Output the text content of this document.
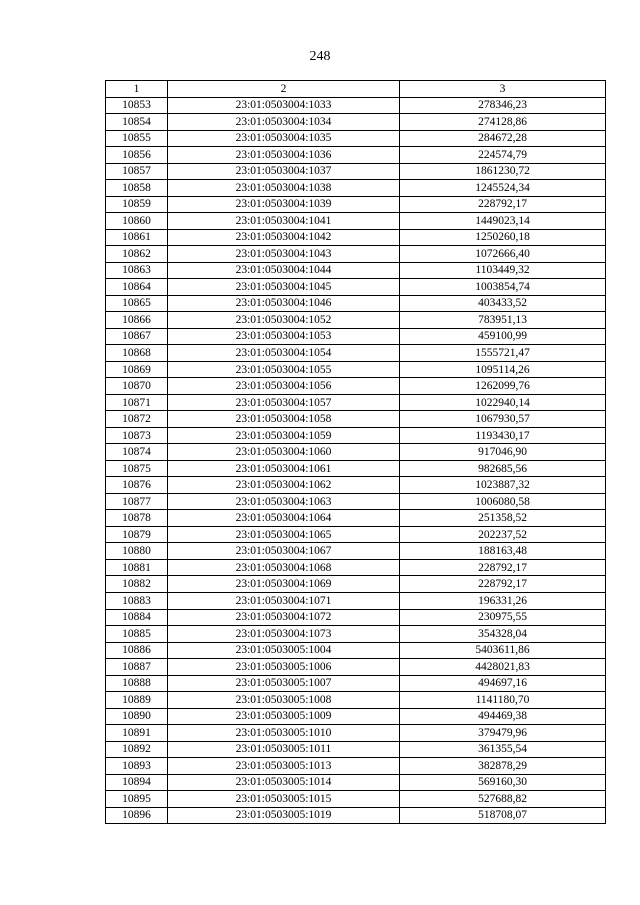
248
1	2	3
10853	23:01:0503004:1033	278346,23
10854	23:01:0503004:1034	274128,86
10855	23:01:0503004:1035	284672,28
10856	23:01:0503004:1036	224574,79
10857	23:01:0503004:1037	1861230,72
10858	23:01:0503004:1038	1245524,34
10859	23:01:0503004:1039	228792,17
10860	23:01:0503004:1041	1449023,14
10861	23:01:0503004:1042	1250260,18
10862	23:01:0503004:1043	1072666,40
10863	23:01:0503004:1044	1103449,32
10864	23:01:0503004:1045	1003854,74
10865	23:01:0503004:1046	403433,52
10866	23:01:0503004:1052	783951,13
10867	23:01:0503004:1053	459100,99
10868	23:01:0503004:1054	1555721,47
10869	23:01:0503004:1055	1095114,26
10870	23:01:0503004:1056	1262099,76
10871	23:01:0503004:1057	1022940,14
10872	23:01:0503004:1058	1067930,57
10873	23:01:0503004:1059	1193430,17
10874	23:01:0503004:1060	917046,90
10875	23:01:0503004:1061	982685,56
10876	23:01:0503004:1062	1023887,32
10877	23:01:0503004:1063	1006080,58
10878	23:01:0503004:1064	251358,52
10879	23:01:0503004:1065	202237,52
10880	23:01:0503004:1067	188163,48
10881	23:01:0503004:1068	228792,17
10882	23:01:0503004:1069	228792,17
10883	23:01:0503004:1071	196331,26
10884	23:01:0503004:1072	230975,55
10885	23:01:0503004:1073	354328,04
10886	23:01:0503005:1004	5403611,86
10887	23:01:0503005:1006	4428021,83
10888	23:01:0503005:1007	494697,16
10889	23:01:0503005:1008	1141180,70
10890	23:01:0503005:1009	494469,38
10891	23:01:0503005:1010	379479,96
10892	23:01:0503005:1011	361355,54
10893	23:01:0503005:1013	382878,29
10894	23:01:0503005:1014	569160,30
10895	23:01:0503005:1015	527688,82
10896	23:01:0503005:1019	518708,07
